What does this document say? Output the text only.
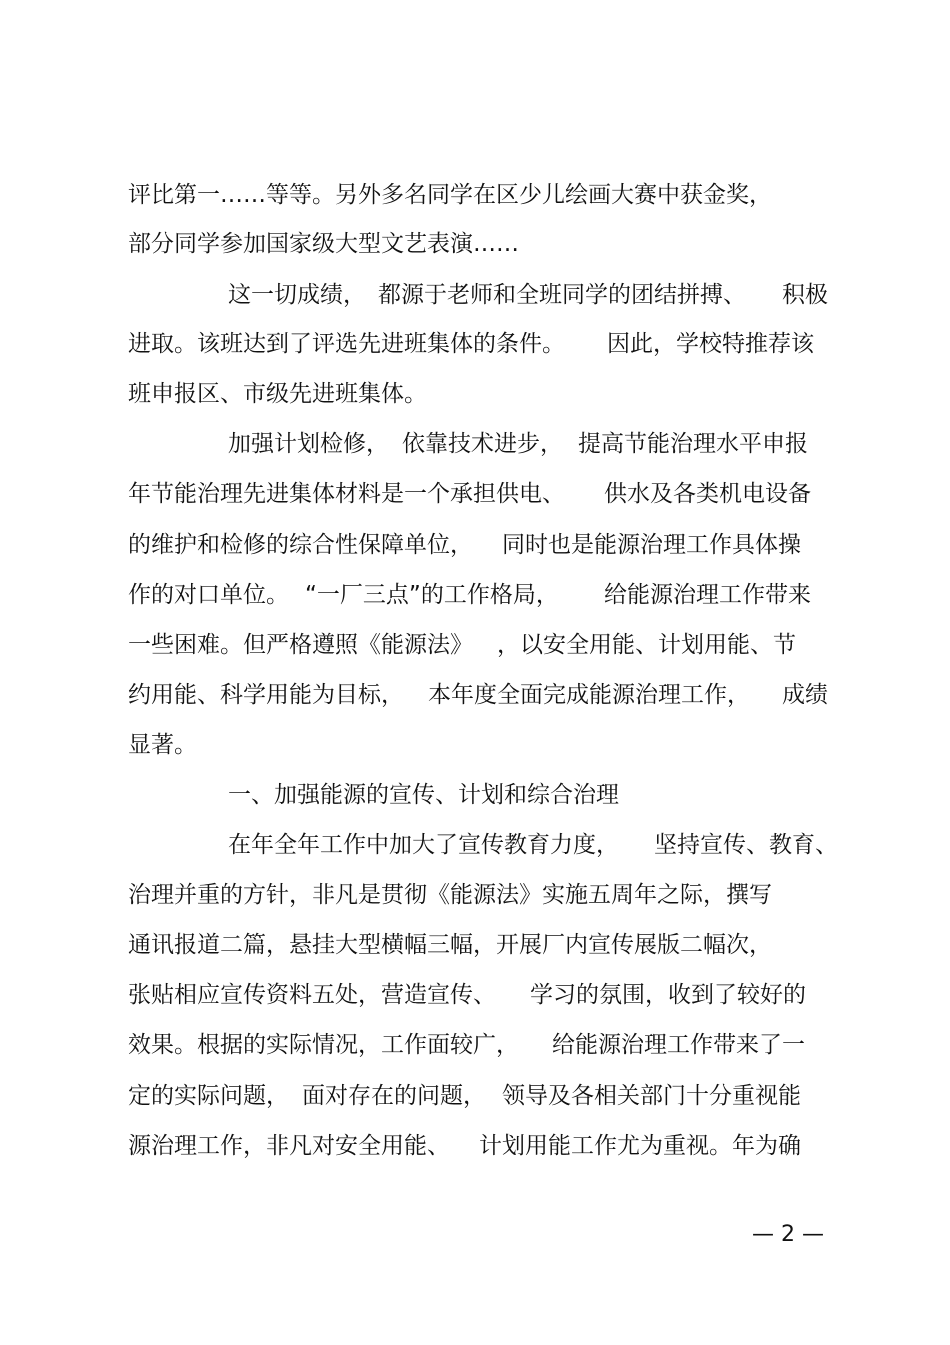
评比第一……等等。另外多名同学在区少儿绘画大赛中获金奖，
部分同学参加国家级大型文艺表演……
这一切成绩， 都源于老师和全班同学的团结拼搏、 积极
进取。该班达到了评选先进班集体的条件。 因此，学校特推荐该
班申报区、市级先进班集体。
加强计划检修， 依靠技术进步， 提高节能治理水平申报
年节能治理先进集体材料是一个承担供电、 供水及各类机电设备
的维护和检修的综合性保障单位， 同时也是能源治理工作具体操
作的对口单位。 “一厂三点”的工作格局， 给能源治理工作带来
一些困难。但严格遵照《能源法》 ，以安全用能、计划用能、节
约用能、科学用能为目标， 本年度全面完成能源治理工作， 成绩
显著。
一、加强能源的宣传、计划和综合治理
在年全年工作中加大了宣传教育力度， 坚持宣传、教育、
治理并重的方针，非凡是贯彻《能源法》实施五周年之际，撰写
通讯报道二篇，悬挂大型横幅三幅，开展厂内宣传展版二幅次，
张贴相应宣传资料五处，营造宣传、 学习的氛围，收到了较好的
效果。根据的实际情况，工作面较广， 给能源治理工作带来了一
定的实际问题， 面对存在的问题， 领导及各相关部门十分重视能
源治理工作，非凡对安全用能、 计划用能工作尤为重视。年为确
— 2 —
